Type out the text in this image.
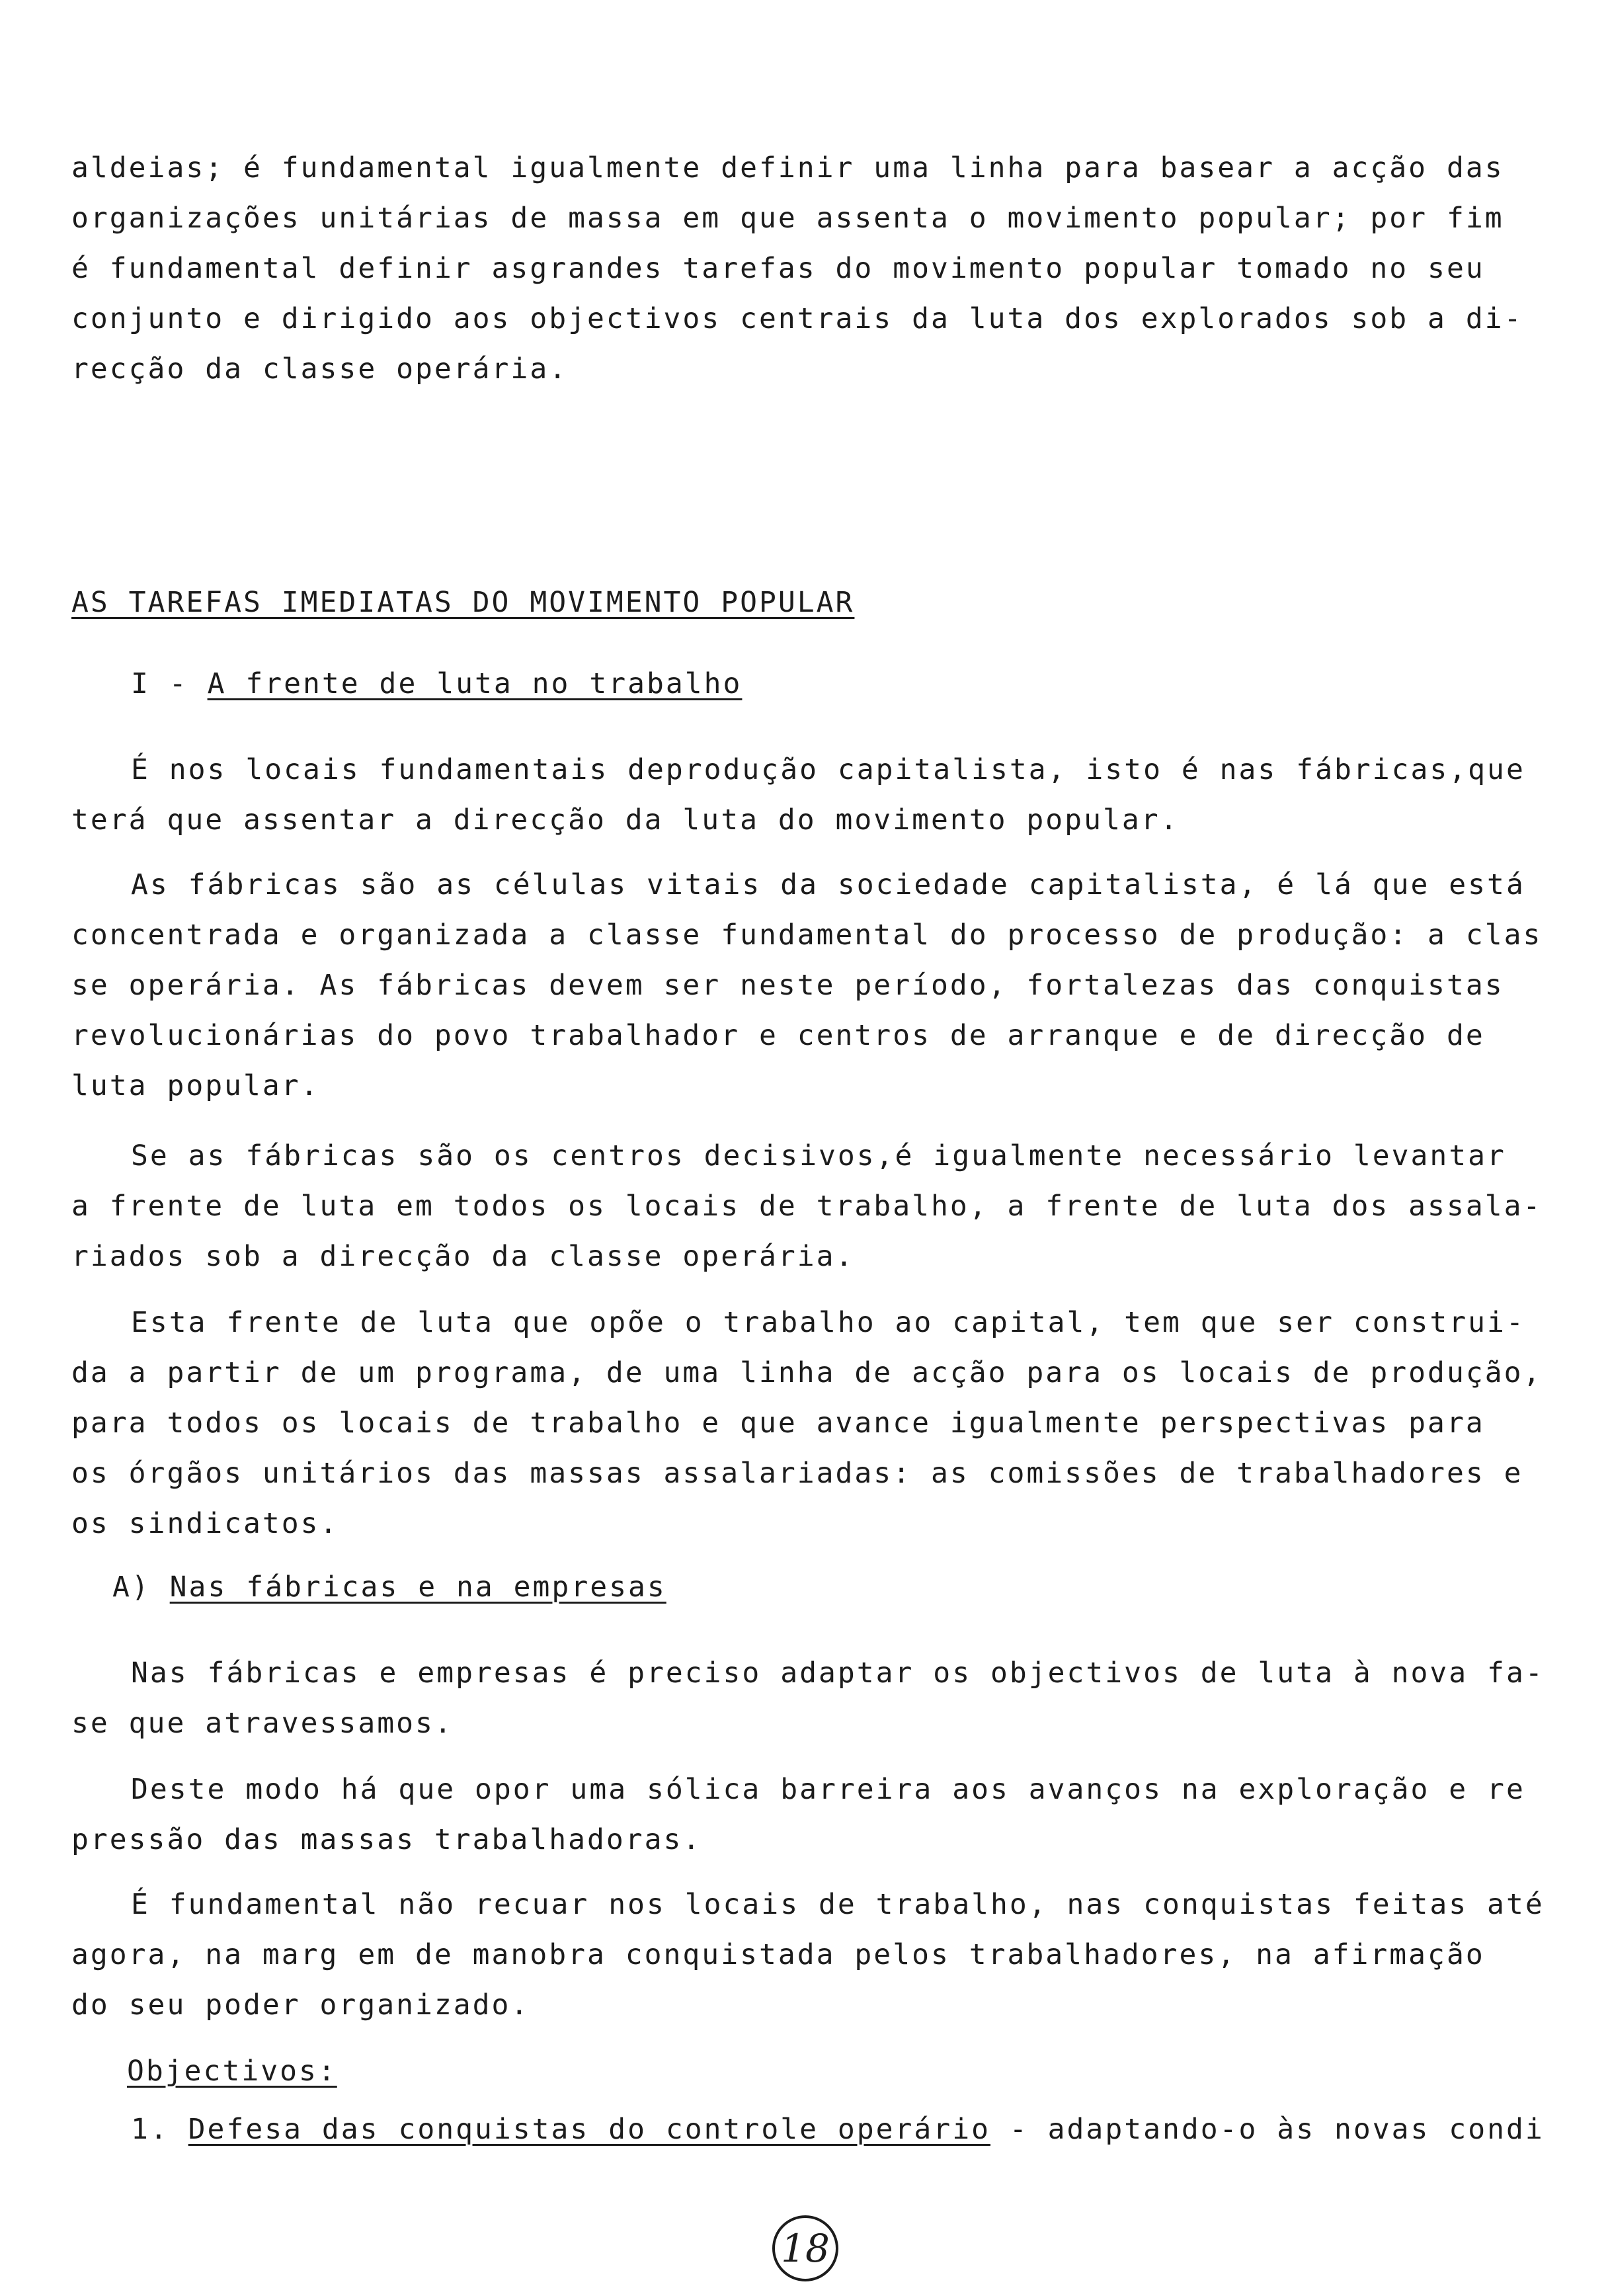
aldeias; é fundamental igualmente definir uma linha para basear a acção das

organizações unitárias de massa em que assenta o movimento popular; por fim

é fundamental definir asgrandes tarefas do movimento popular tomado no seu

conjunto e dirigido aos objectivos centrais da luta dos explorados sob a di-

recção da classe operária.

AS TAREFAS IMEDIATAS DO MOVIMENTO POPULAR

I - A frente de luta no trabalho

É nos locais fundamentais deprodução capitalista, isto é nas fábricas,que

terá que assentar a direcção da luta do movimento popular.

As fábricas são as células vitais da sociedade capitalista, é lá que está

concentrada e organizada a classe fundamental do processo de produção: a clas

se operária. As fábricas devem ser neste período, fortalezas das conquistas

revolucionárias do povo trabalhador e centros de arranque e de direcção de

luta popular.

Se as fábricas são os centros decisivos,é igualmente necessário levantar

a frente de luta em todos os locais de trabalho, a frente de luta dos assala-

riados sob a direcção da classe operária.

Esta frente de luta que opõe o trabalho ao capital, tem que ser construi-

da a partir de um programa, de uma linha de acção para os locais de produção,

para todos os locais de trabalho e que avance igualmente perspectivas para

os órgãos unitários das massas assalariadas: as comissões de trabalhadores e

os sindicatos.

A) Nas fábricas e na empresas

Nas fábricas e empresas é preciso adaptar os objectivos de luta à nova fa-

se que atravessamos.

Deste modo há que opor uma sólica barreira aos avanços na exploração e re

pressão das massas trabalhadoras.

É fundamental não recuar nos locais de trabalho, nas conquistas feitas até

agora, na marg em de manobra conquistada pelos trabalhadores, na afirmação

do seu poder organizado.

Objectivos:

1. Defesa das conquistas do controle operário - adaptando-o às novas condi

18
